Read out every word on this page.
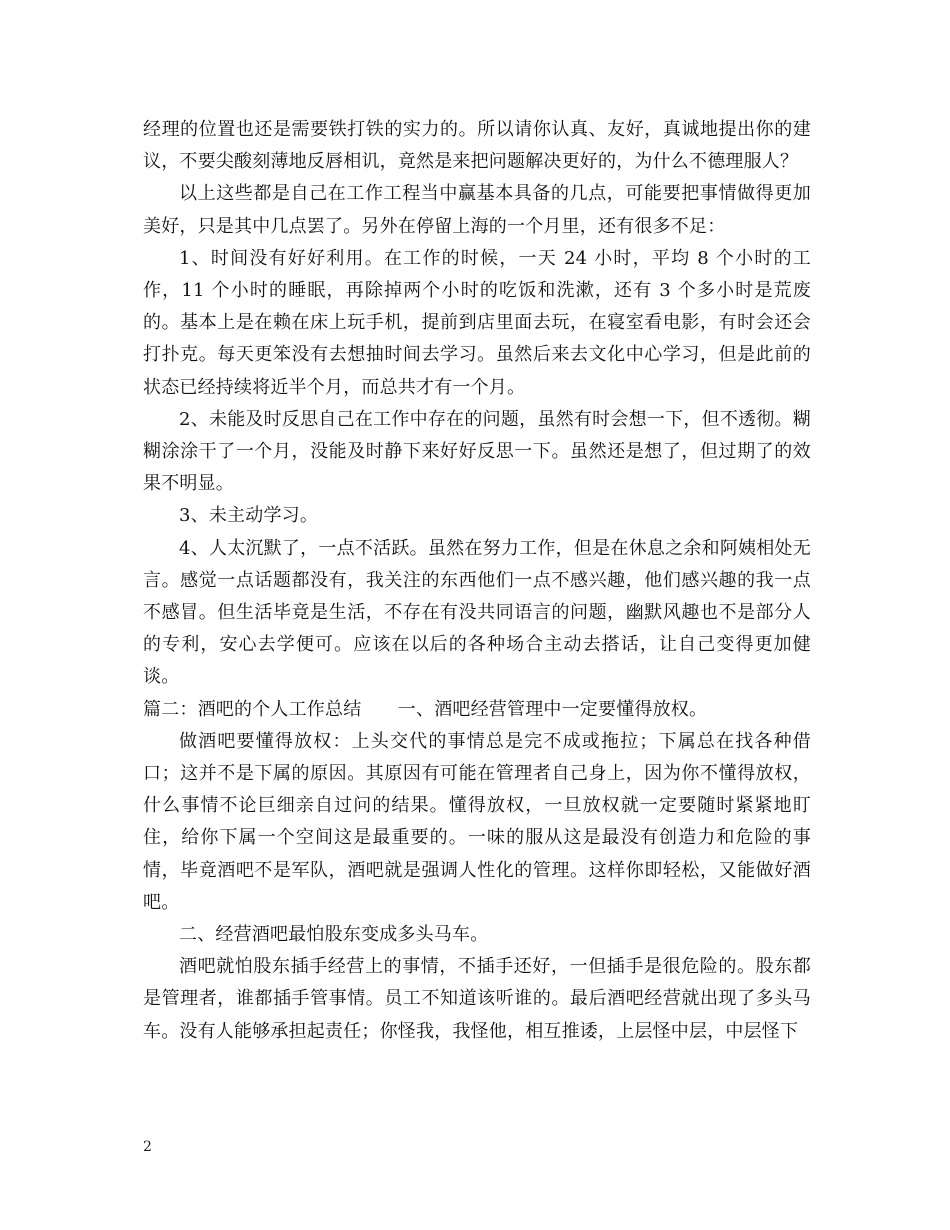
经理的位置也还是需要铁打铁的实力的。所以请你认真、友好，真诚地提出你的建议，不要尖酸刻薄地反唇相讥，竟然是来把问题解决更好的，为什么不德理服人？

以上这些都是自己在工作工程当中赢基本具备的几点，可能要把事情做得更加美好，只是其中几点罢了。另外在停留上海的一个月里，还有很多不足：

1、时间没有好好利用。在工作的时候，一天 24 小时，平均 8 个小时的工作，11 个小时的睡眠，再除掉两个小时的吃饭和洗漱，还有 3 个多小时是荒废的。基本上是在赖在床上玩手机，提前到店里面去玩，在寝室看电影，有时会还会打扑克。每天更笨没有去想抽时间去学习。虽然后来去文化中心学习，但是此前的状态已经持续将近半个月，而总共才有一个月。

2、未能及时反思自己在工作中存在的问题，虽然有时会想一下，但不透彻。糊糊涂涂干了一个月，没能及时静下来好好反思一下。虽然还是想了，但过期了的效果不明显。

3、未主动学习。

4、人太沉默了，一点不活跃。虽然在努力工作，但是在休息之余和阿姨相处无言。感觉一点话题都没有，我关注的东西他们一点不感兴趣，他们感兴趣的我一点不感冒。但生活毕竟是生活，不存在有没共同语言的问题，幽默风趣也不是部分人的专利，安心去学便可。应该在以后的各种场合主动去搭话，让自己变得更加健谈。

篇二：酒吧的个人工作总结　　一、酒吧经营管理中一定要懂得放权。

做酒吧要懂得放权：上头交代的事情总是完不成或拖拉；下属总在找各种借口；这并不是下属的原因。其原因有可能在管理者自己身上，因为你不懂得放权，什么事情不论巨细亲自过问的结果。懂得放权，一旦放权就一定要随时紧紧地盯住，给你下属一个空间这是最重要的。一味的服从这是最没有创造力和危险的事情，毕竟酒吧不是军队，酒吧就是强调人性化的管理。这样你即轻松，又能做好酒吧。

二、经营酒吧最怕股东变成多头马车。

酒吧就怕股东插手经营上的事情，不插手还好，一但插手是很危险的。股东都是管理者，谁都插手管事情。员工不知道该听谁的。最后酒吧经营就出现了多头马车。没有人能够承担起责任；你怪我，我怪他，相互推诿，上层怪中层，中层怪下

2
